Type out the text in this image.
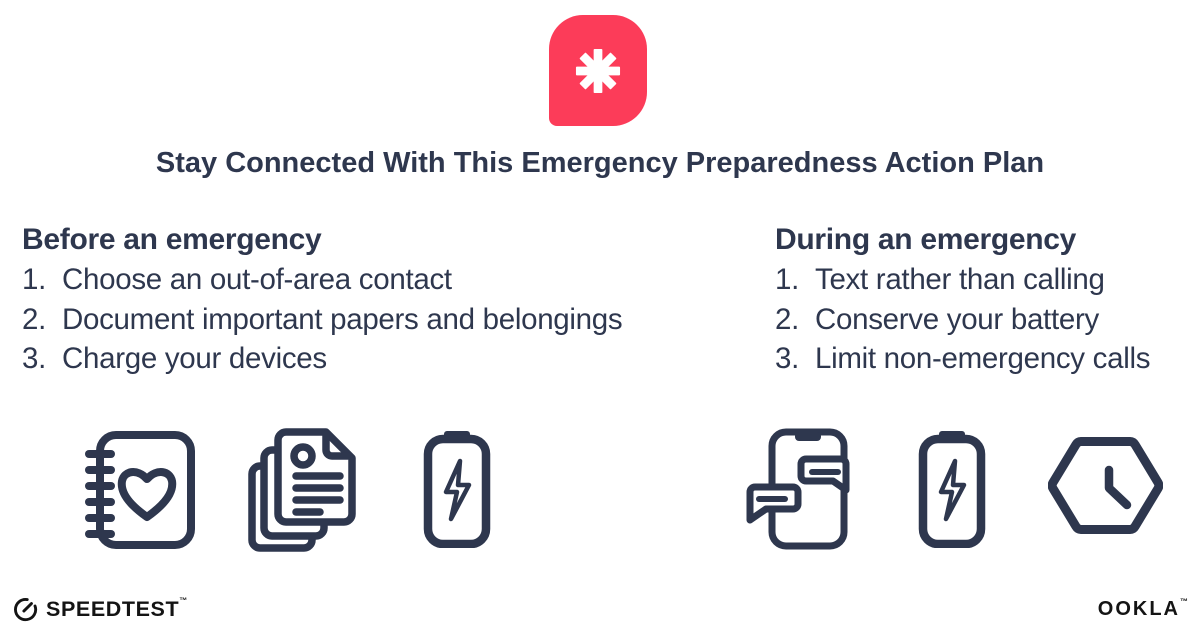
Stay Connected With This Emergency Preparedness Action Plan
Before an emergency
1. Choose an out-of-area contact
2. Document important papers and belongings
3. Charge your devices
During an emergency
1. Text rather than calling
2. Conserve your battery
3. Limit non-emergency calls
SPEEDTEST™	OOKLA™
